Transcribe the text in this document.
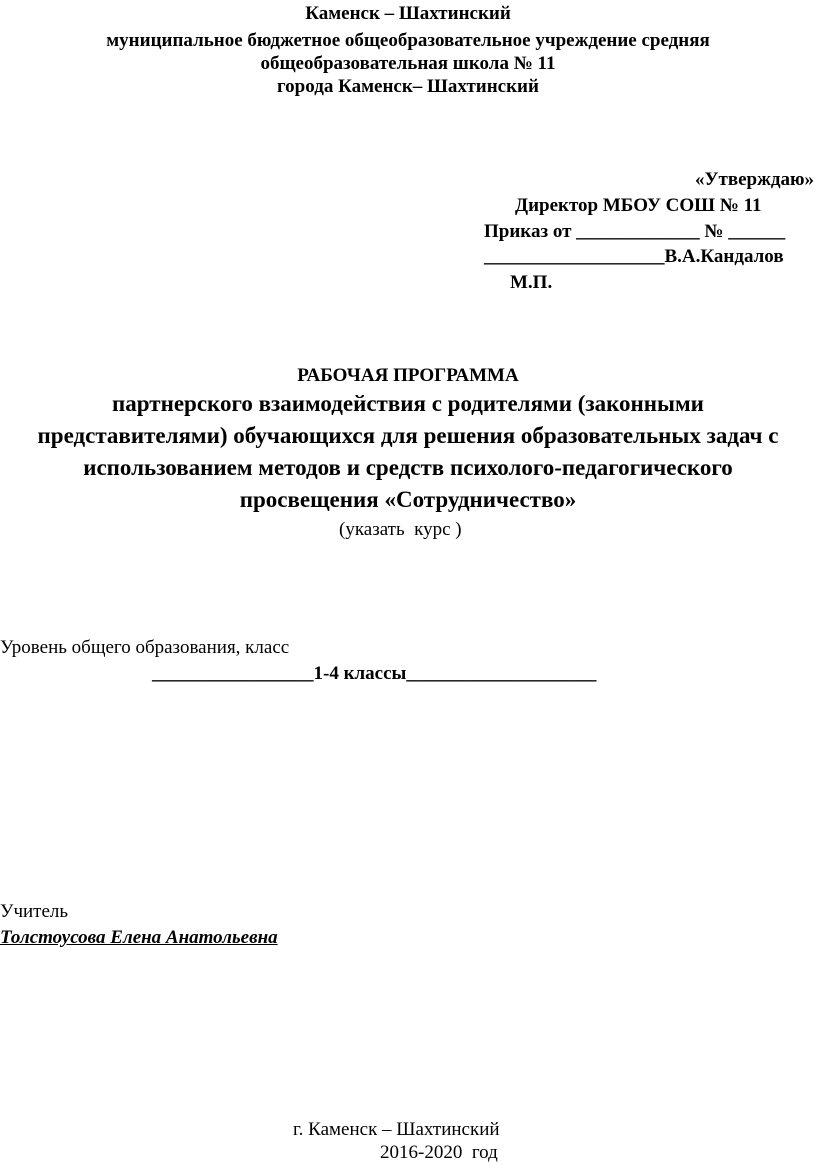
Каменск – Шахтинский
муниципальное бюджетное общеобразовательное учреждение средняя
общеобразовательная школа № 11
города Каменск– Шахтинский
«Утверждаю»
Директор МБОУ СОШ № 11
Приказ от _____________ № ______
___________________В.А.Кандалов
М.П.
РАБОЧАЯ ПРОГРАММА
партнерского взаимодействия с родителями (законными
представителями) обучающихся для решения образовательных задач с
использованием методов и средств психолого-педагогического
просвещения «Сотрудничество»
(указать  курс )
Уровень общего образования, класс
_________________1-4 классы____________________
Учитель
Толстоусова Елена Анатольевна
г. Каменск – Шахтинский
2016-2020  год
